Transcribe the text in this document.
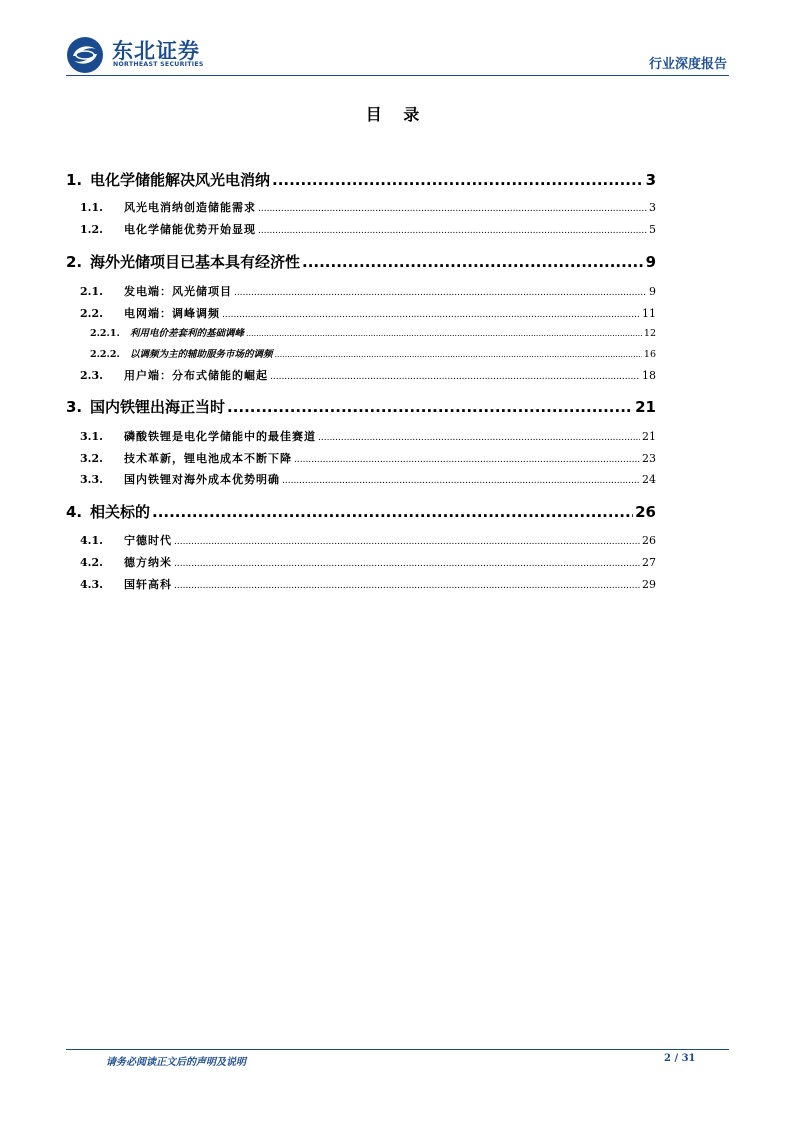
东北证券
NORTHEAST SECURITIES	行业深度报告
目 录
1. 电化学储能解决风光电消纳 .....	3
1.1.	风光电消纳创造储能需求 .....	3
1.2.	电化学储能优势开始显现 .....	5
2. 海外光储项目已基本具有经济性 .....	9
2.1.	发电端：风光储项目 .....	9
2.2.	电网端：调峰调频 .....	11
2.2.1.	利用电价差套利的基础调峰 .....	12
2.2.2.	以调频为主的辅助服务市场的调频 .....	16
2.3.	用户端：分布式储能的崛起 .....	18
3. 国内铁锂出海正当时 .....	21
3.1.	磷酸铁锂是电化学储能中的最佳赛道 .....	21
3.2.	技术革新，锂电池成本不断下降 .....	23
3.3.	国内铁锂对海外成本优势明确 .....	24
4. 相关标的 .....	26
4.1.	宁德时代 .....	26
4.2.	德方纳米 .....	27
4.3.	国轩高科 .....	29
请务必阅读正文后的声明及说明	2 / 31
